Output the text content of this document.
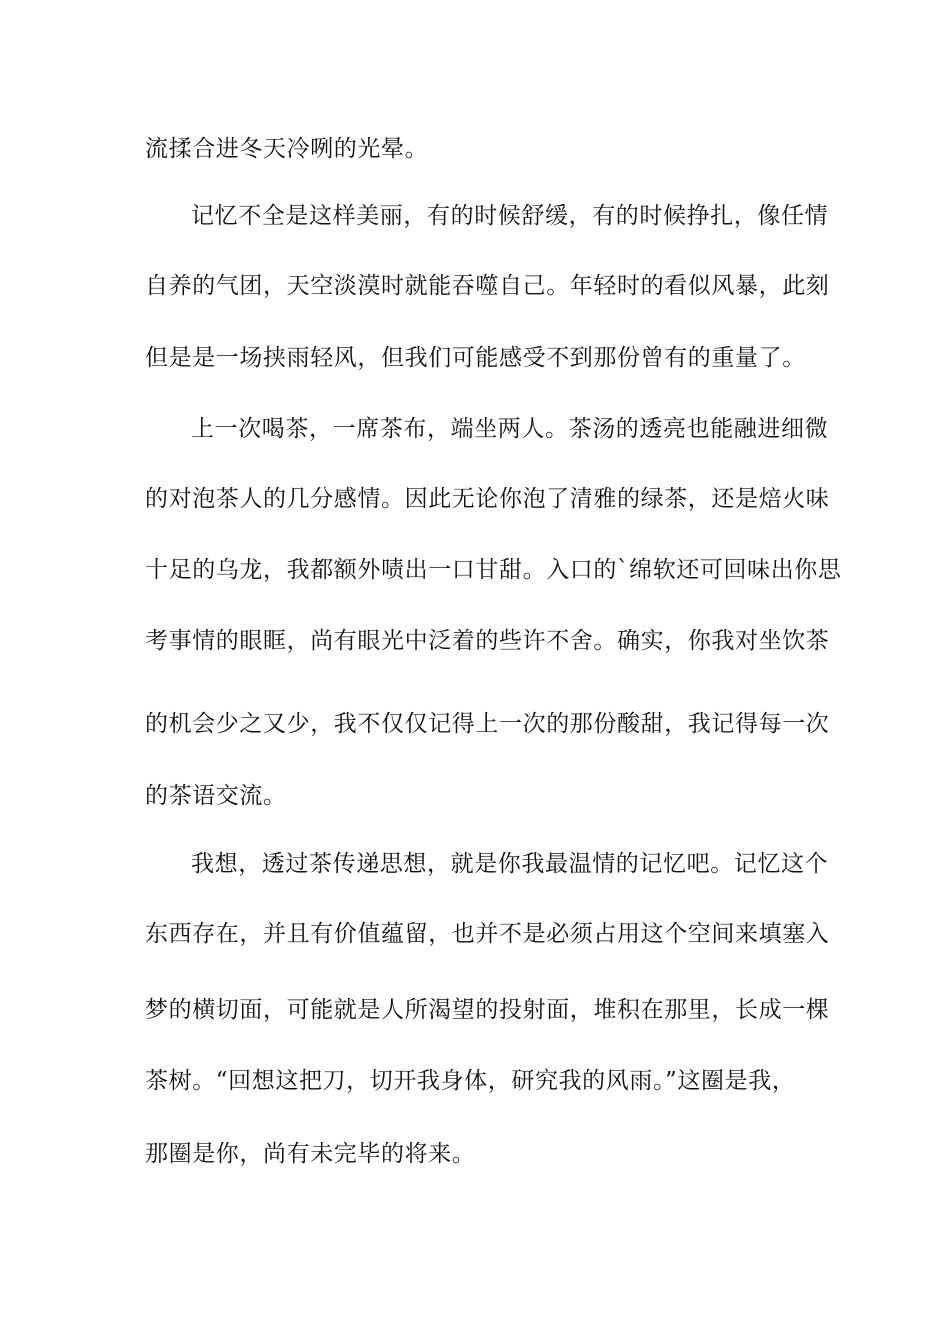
流揉合进冬天冷咧的光晕。
记忆不全是这样美丽，有的时候舒缓，有的时候挣扎，像任情
自养的气团，天空淡漠时就能吞噬自己。年轻时的看似风暴，此刻
但是是一场挟雨轻风，但我们可能感受不到那份曾有的重量了。
上一次喝茶，一席茶布，端坐两人。茶汤的透亮也能融进细微
的对泡茶人的几分感情。因此无论你泡了清雅的绿茶，还是焙火味
十足的乌龙，我都额外啧出一口甘甜。入口的`绵软还可回味出你思
考事情的眼眶，尚有眼光中泛着的些许不舍。确实，你我对坐饮茶
的机会少之又少，我不仅仅记得上一次的那份酸甜，我记得每一次
的茶语交流。
我想，透过茶传递思想，就是你我最温情的记忆吧。记忆这个
东西存在，并且有价值蕴留，也并不是必须占用这个空间来填塞入
梦的横切面，可能就是人所渴望的投射面，堆积在那里，长成一棵
茶树。“回想这把刀，切开我身体，研究我的风雨。”这圈是我，
那圈是你，尚有未完毕的将来。
